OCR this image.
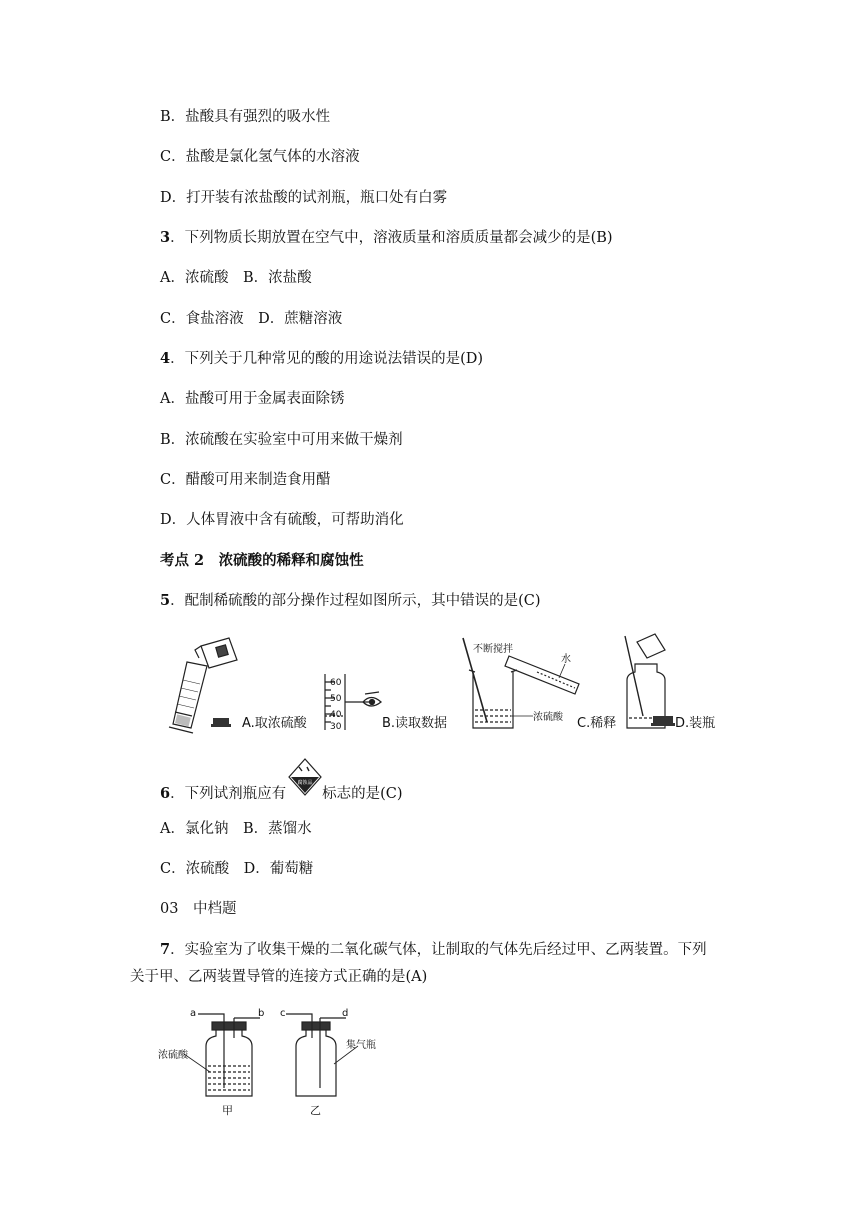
B．盐酸具有强烈的吸水性
C．盐酸是氯化氢气体的水溶液
D．打开装有浓盐酸的试剂瓶，瓶口处有白雾
3．下列物质长期放置在空气中，溶液质量和溶质质量都会减少的是(B)
A．浓硫酸　B．浓盐酸
C．食盐溶液　D．蔗糖溶液
4．下列关于几种常见的酸的用途说法错误的是(D)
A．盐酸可用于金属表面除锈
B．浓硫酸在实验室中可用来做干燥剂
C．醋酸可用来制造食用醋
D．人体胃液中含有硫酸，可帮助消化
考点 2　浓硫酸的稀释和腐蚀性
5．配制稀硫酸的部分操作过程如图所示，其中错误的是(C)
A.取浓硫酸
60
50
40
30	B.读取数据
不断搅拌
水
浓硫酸 C.稀释	D.装瓶
6．下列试剂瓶应有 标志的是(C)
腐蚀品
A．氯化钠　B．蒸馏水
C．浓硫酸　D．葡萄糖
03　中档题
7．实验室为了收集干燥的二氧化碳气体，让制取的气体先后经过甲、乙两装置。下列
关于甲、乙两装置导管的连接方式正确的是(A)
a	b c	d
浓硫酸
集气瓶
甲	乙
